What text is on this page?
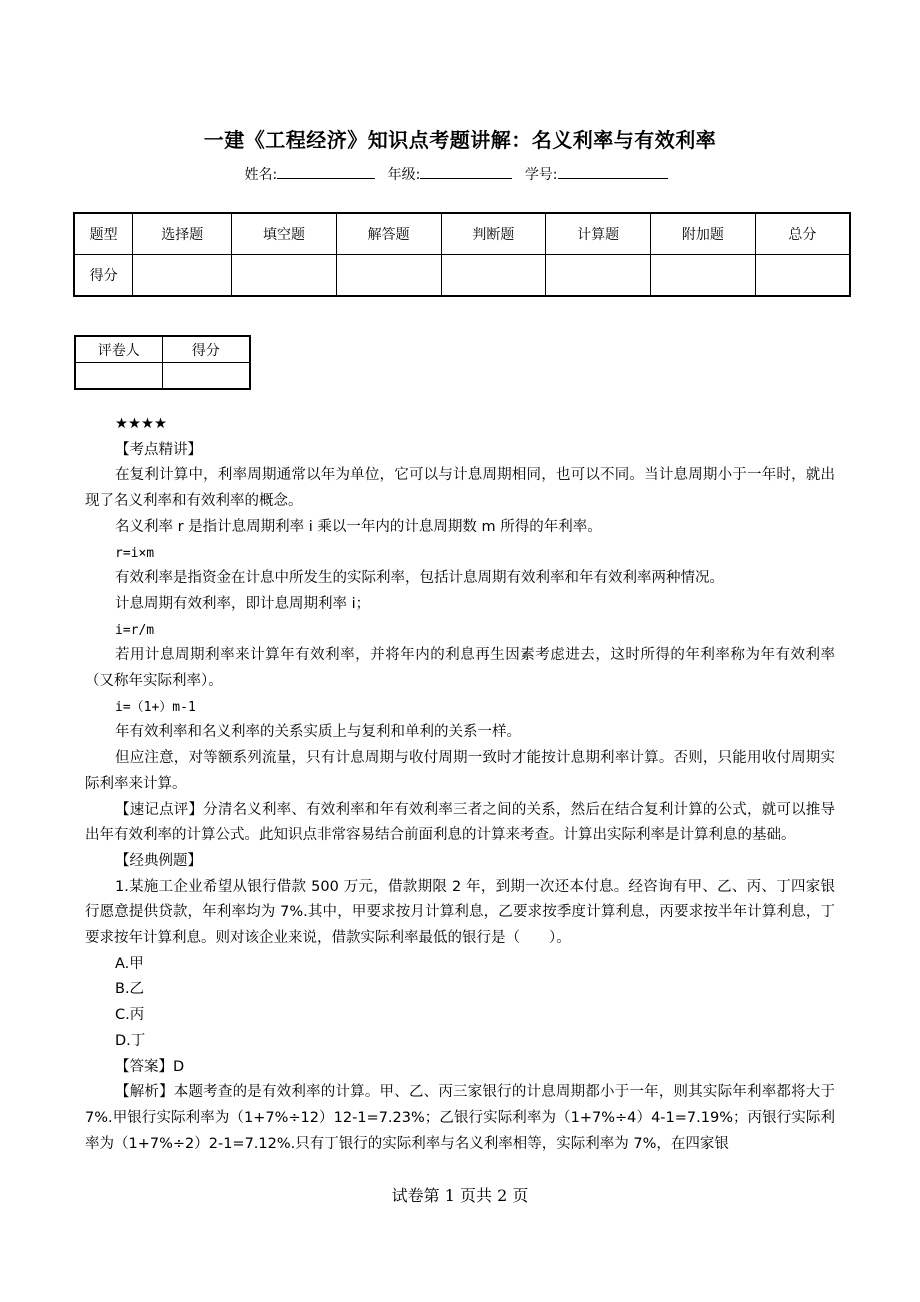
一建《工程经济》知识点考题讲解：名义利率与有效利率
姓名:	年级:	学号:
题型	选择题	填空题	解答题	判断题	计算题	附加题	总分
得分							
评卷人	得分

★★★★

【考点精讲】

在复利计算中，利率周期通常以年为单位，它可以与计息周期相同，也可以不同。当计息周期小于一年时，就出现了名义利率和有效利率的概念。

名义利率 r 是指计息周期利率 i 乘以一年内的计息周期数 m 所得的年利率。

r=i×m

有效利率是指资金在计息中所发生的实际利率，包括计息周期有效利率和年有效利率两种情况。

计息周期有效利率，即计息周期利率 i；

i=r/m

若用计息周期利率来计算年有效利率，并将年内的利息再生因素考虑进去，这时所得的年利率称为年有效利率（又称年实际利率）。

i=（1+）m-1

年有效利率和名义利率的关系实质上与复利和单利的关系一样。

但应注意，对等额系列流量，只有计息周期与收付周期一致时才能按计息期利率计算。否则，只能用收付周期实际利率来计算。

【速记点评】分清名义利率、有效利率和年有效利率三者之间的关系，然后在结合复利计算的公式，就可以推导出年有效利率的计算公式。此知识点非常容易结合前面利息的计算来考查。计算出实际利率是计算利息的基础。

【经典例题】

1.某施工企业希望从银行借款 500 万元，借款期限 2 年，到期一次还本付息。经咨询有甲、乙、丙、丁四家银行愿意提供贷款，年利率均为 7%.其中，甲要求按月计算利息，乙要求按季度计算利息，丙要求按半年计算利息，丁要求按年计算利息。则对该企业来说，借款实际利率最低的银行是（　　）。

A.甲

B.乙

C.丙

D.丁

【答案】D

【解析】本题考查的是有效利率的计算。甲、乙、丙三家银行的计息周期都小于一年，则其实际年利率都将大于 7%.甲银行实际利率为（1+7%÷12）12-1=7.23%；乙银行实际利率为（1+7%÷4）4-1=7.19%；丙银行实际利率为（1+7%÷2）2-1=7.12%.只有丁银行的实际利率与名义利率相等，实际利率为 7%，在四家银

试卷第 1 页共 2 页
